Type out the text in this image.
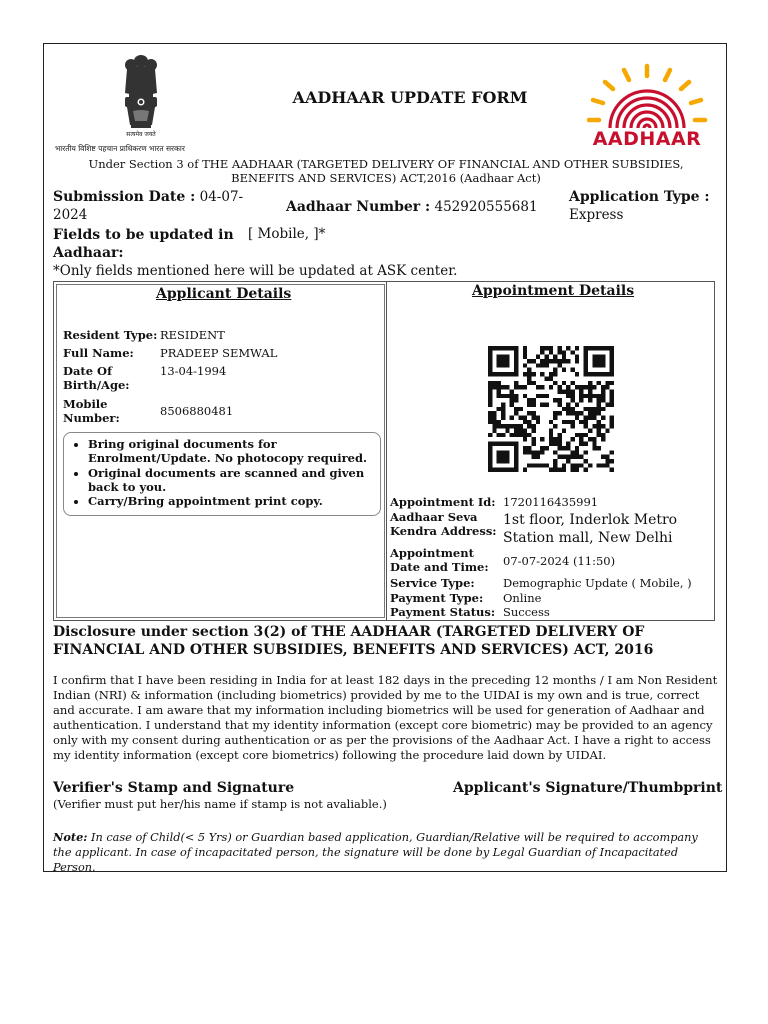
सत्यमेव जयते
भारतीय विशिष्ट पहचान प्राधिकरण भारत सरकार
AADHAAR UPDATE FORM
AADHAAR
Under Section 3 of THE AADHAAR (TARGETED DELIVERY OF FINANCIAL AND OTHER SUBSIDIES, BENEFITS AND SERVICES) ACT,2016 (Aadhaar Act)
Submission Date : 04-07-2024	Aadhaar Number : 452920555681
Application Type :
Express
Fields to be updated in Aadhaar:
[ Mobile, ]*
*Only fields mentioned here will be updated at ASK center.
Applicant Details
Resident Type: RESIDENT
Full Name:	PRADEEP SEMWAL
Date Of Birth/Age:
13-04-1994
Mobile Number:	8506880481
• Bring original documents for Enrolment/Update. No photocopy required.
• Original documents are scanned and given back to you.
• Carry/Bring appointment print copy.
Appointment Details
Appointment Id: 1720116435991
Aadhaar Seva Kendra Address:
1st floor, Inderlok Metro Station mall, New Delhi
Appointment Date and Time:	07-07-2024 (11:50)
Service Type:	Demographic Update ( Mobile, )
Payment Type:	Online
Payment Status: Success
Disclosure under section 3(2) of THE AADHAAR (TARGETED DELIVERY OF FINANCIAL AND OTHER SUBSIDIES, BENEFITS AND SERVICES) ACT, 2016
I confirm that I have been residing in India for at least 182 days in the preceding 12 months / I am Non Resident Indian (NRI) & information (including biometrics) provided by me to the UIDAI is my own and is true, correct and accurate. I am aware that my information including biometrics will be used for generation of Aadhaar and authentication. I understand that my identity information (except core biometric) may be provided to an agency only with my consent during authentication or as per the provisions of the Aadhaar Act. I have a right to access my identity information (except core biometrics) following the procedure laid down by UIDAI.
Verifier's Stamp and Signature
(Verifier must put her/his name if stamp is not avaliable.)
Applicant's Signature/Thumbprint
Note: In case of Child(< 5 Yrs) or Guardian based application, Guardian/Relative will be required to accompany the applicant. In case of incapacitated person, the signature will be done by Legal Guardian of Incapacitated Person.
